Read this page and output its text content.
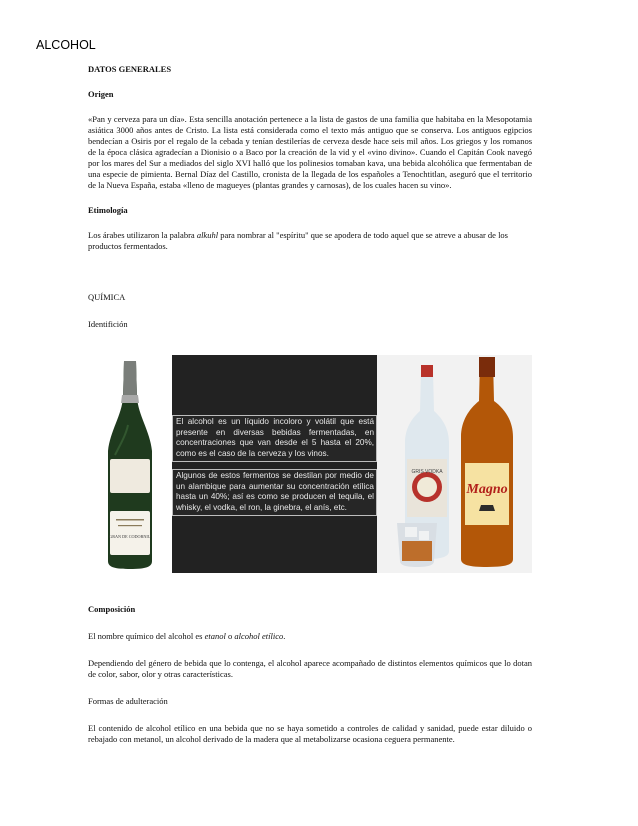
ALCOHOL

DATOS GENERALES

Origen

«Pan y cerveza para un día». Esta sencilla anotación pertenece a la lista de gastos de una familia que habitaba en la Mesopotamia asiática 3000 años antes de Cristo. La lista está considerada como el texto más antiguo que se conserva. Los antiguos egipcios bendecían a Osiris por el regalo de la cebada y tenían destilerías de cerveza desde hace seis mil años. Los griegos y los romanos de la época clásica agradecían a Dionisio o a Baco por la creación de la vid y el «vino divino». Cuando el Capitán Cook navegó por los mares del Sur a mediados del siglo XVI halló que los polinesios tomaban kava, una bebida alcohólica que fermentaban de una especie de pimienta. Bernal Díaz del Castillo, cronista de la llegada de los españoles a Tenochtitlan, aseguró que el territorio de la Nueva España, estaba «lleno de magueyes (plantas grandes y carnosas), de los cuales hacen su vino».

Etimología

Los árabes utilizaron la palabra alkuhl para nombrar al "espíritu" que se apodera de todo aquel que se atreve a abusar de los productos fermentados.

QUÍMICA

Identifición

GRAN DE CODORNIU
El alcohol es un líquido incoloro y volátil que está presente en diversas bebidas fermentadas, en concentraciones que van desde el 5 hasta el 20%, como es el caso de la cerveza y los vinos.
Algunos de estos fermentos se destilan por medio de un alambique para aumentar su concentración etílica hasta un 40%; así es como se producen el tequila, el whisky, el vodka, el ron, la ginebra, el anís, etc.
GRIS VODKA
Magno

Composición

El nombre químico del alcohol es etanol o alcohol etílico.

Dependiendo del género de bebida que lo contenga, el alcohol aparece acompañado de distintos elementos químicos que lo dotan de color, sabor, olor y otras características.

Formas de adulteración

El contenido de alcohol etílico en una bebida que no se haya sometido a controles de calidad y sanidad, puede estar diluido o rebajado con metanol, un alcohol derivado de la madera que al metabolizarse ocasiona ceguera permanente.
